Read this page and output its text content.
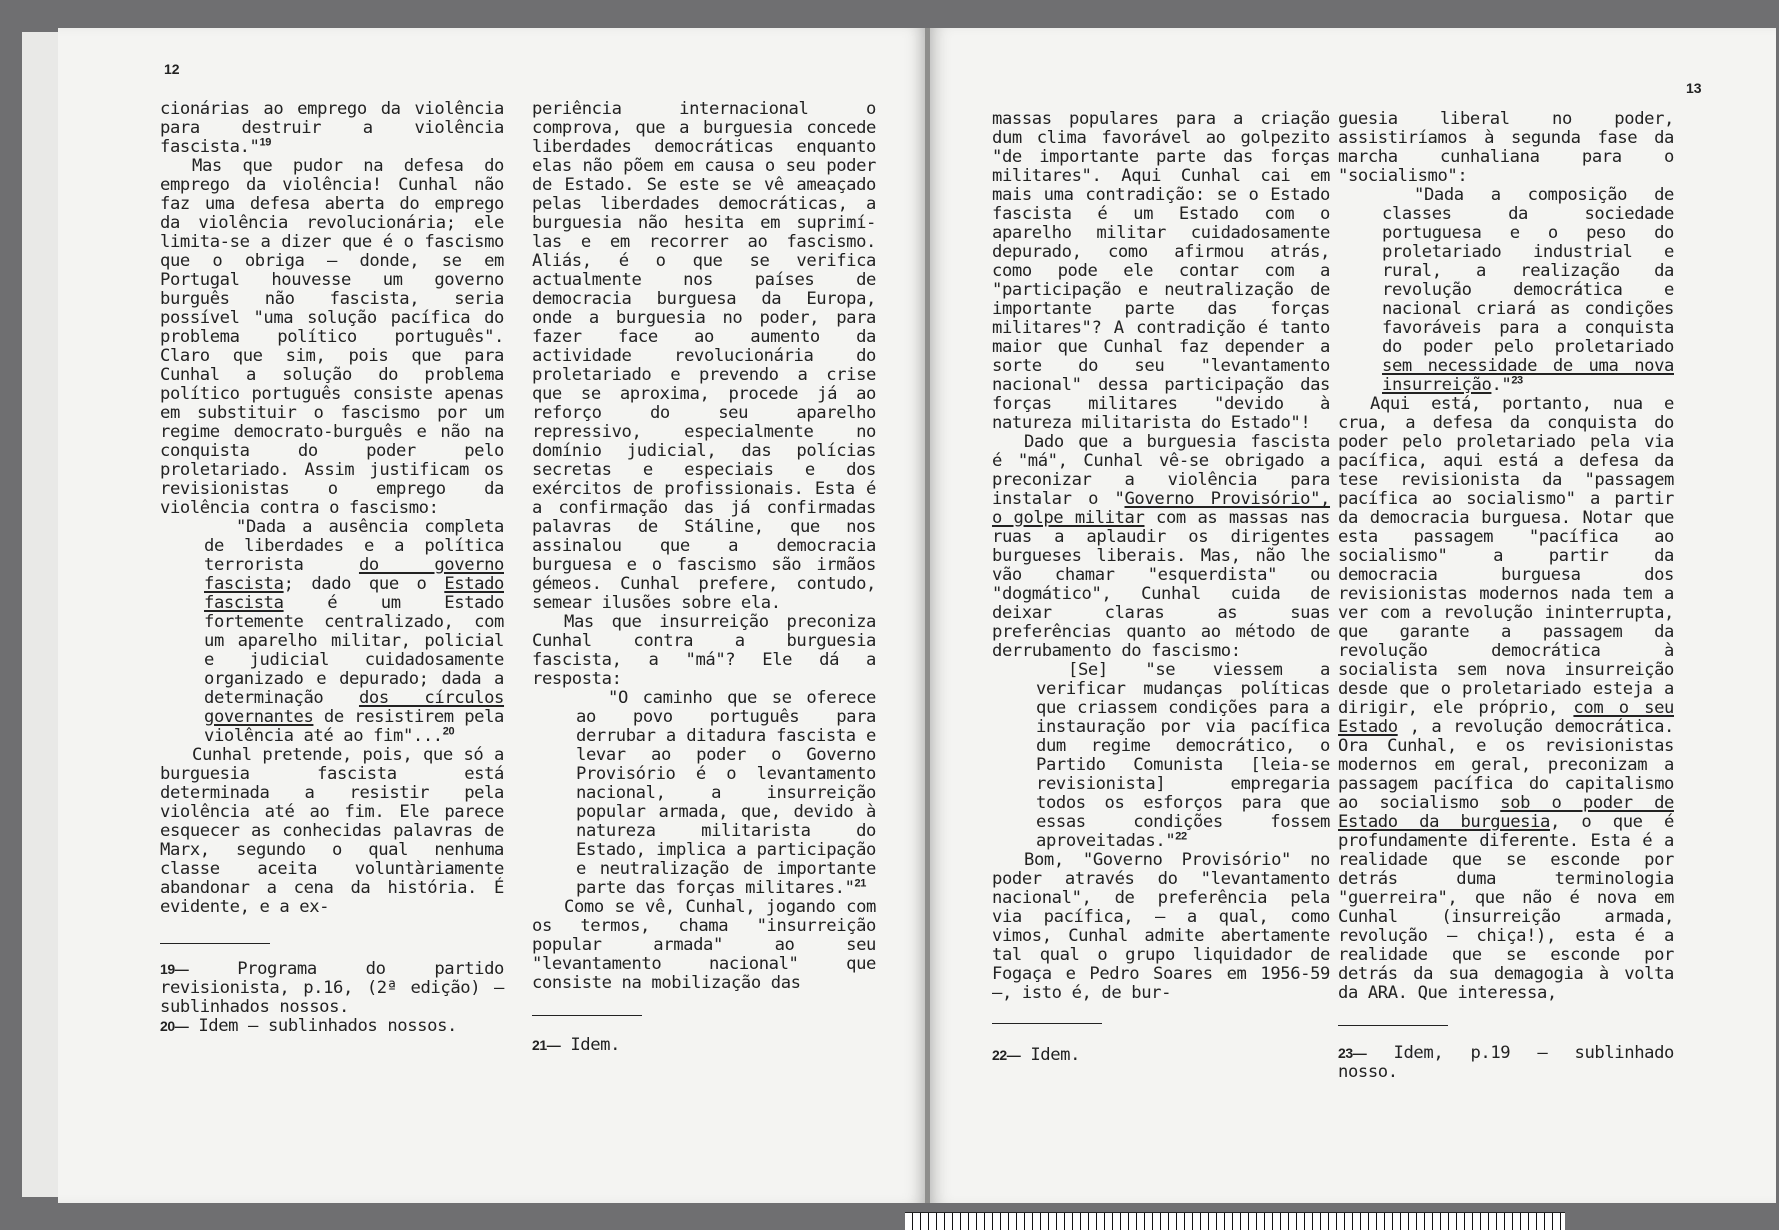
12

cionárias ao emprego da violência para destruir a violência fascista."$^{19}$

Mas que pudor na defesa do emprego da violência! Cunhal não faz uma defesa aberta do emprego da violência revolucionária; ele limita-se a dizer que é o fascismo que o obriga — donde, se em Portugal houvesse um governo burguês não fascista, seria possível "uma solução pacífica do problema político português". Claro que sim, pois que para Cunhal a solução do problema político português consiste apenas em substituir o fascismo por um regime democrato-burguês e não na conquista do poder pelo proletariado. Assim justificam os revisionistas o emprego da violência contra o fascismo:

"Dada a ausência completa de liberdades e a política terrorista do governo fascista; dado que o Estado fascista é um Estado fortemente centralizado, com um aparelho militar, policial e judicial cuidadosamente organizado e depurado; dada a determinação dos círculos governantes de resistirem pela violência até ao fim"...$^{20}$

Cunhal pretende, pois, que só a burguesia fascista está determinada a resistir pela violência até ao fim. Ele parece esquecer as conhecidas palavras de Marx, segundo o qual nenhuma classe aceita voluntàriamente abandonar a cena da história. É evidente, e a ex-

19— Programa do partido revisionista, p.16, (2ª edição) — sublinhados nossos.

20— Idem — sublinhados nossos.

periência internacional o comprova, que a burguesia concede liberdades democráticas enquanto elas não põem em causa o seu poder de Estado. Se este se vê ameaçado pelas liberdades democráticas, a burguesia não hesita em suprimí-las e em recorrer ao fascismo. Aliás, é o que se verifica actualmente nos países de democracia burguesa da Europa, onde a burguesia no poder, para fazer face ao aumento da actividade revolucionária do proletariado e prevendo a crise que se aproxima, procede já ao reforço do seu aparelho repressivo, especialmente no domínio judicial, das polícias secretas e especiais e dos exércitos de profissionais. Esta é a confirmação das já confirmadas palavras de Stáline, que nos assinalou que a democracia burguesa e o fascismo são irmãos gémeos. Cunhal prefere, contudo, semear ilusões sobre ela.

Mas que insurreição preconiza Cunhal contra a burguesia fascista, a "má"? Ele dá a resposta:

"O caminho que se oferece ao povo português para derrubar a ditadura fascista e levar ao poder o Governo Provisório é o levantamento nacional, a insurreição popular armada, que, devido à natureza militarista do Estado, implica a participação e neutralização de importante parte das forças militares."$^{21}$

Como se vê, Cunhal, jogando com os termos, chama "insurreição popular armada" ao seu "levantamento nacional" que consiste na mobilização das

21— Idem.

13

massas populares para a criação dum clima favorável ao golpezito "de importante parte das forças militares". Aqui Cunhal cai em mais uma contradição: se o Estado fascista é um Estado com o aparelho militar cuidadosamente depurado, como afirmou atrás, como pode ele contar com a "participação e neutralização de importante parte das forças militares"? A contradição é tanto maior que Cunhal faz depender a sorte do seu "levantamento nacional" dessa participação das forças militares "devido à natureza militarista do Estado"!

Dado que a burguesia fascista é "má", Cunhal vê-se obrigado a preconizar a violência para instalar o "Governo Provisório", o golpe militar com as massas nas ruas a aplaudir os dirigentes burgueses liberais. Mas, não lhe vão chamar "esquerdista" ou "dogmático", Cunhal cuida de deixar claras as suas preferências quanto ao método de derrubamento do fascismo:

[Se] "se viessem a verificar mudanças políticas que criassem condições para a instauração por via pacífica dum regime democrático, o Partido Comunista [leia-se revisionista] empregaria todos os esforços para que essas condições fossem aproveitadas."$^{22}$

Bom, "Governo Provisório" no poder através do "levantamento nacional", de preferência pela via pacífica, — a qual, como vimos, Cunhal admite abertamente tal qual o grupo liquidador de Fogaça e Pedro Soares em 1956-59 —, isto é, de bur-

22— Idem.

guesia liberal no poder, assistiríamos à segunda fase da marcha cunhaliana para o "socialismo":

"Dada a composição de classes da sociedade portuguesa e o peso do proletariado industrial e rural, a realização da revolução democrática e nacional criará as condições favoráveis para a conquista do poder pelo proletariado sem necessidade de uma nova insurreição."$^{23}$

Aqui está, portanto, nua e crua, a defesa da conquista do poder pelo proletariado pela via pacífica, aqui está a defesa da tese revisionista da "passagem pacífica ao socialismo" a partir da democracia burguesa. Notar que esta passagem "pacífica ao socialismo" a partir da democracia burguesa dos revisionistas modernos nada tem a ver com a revolução ininterrupta, que garante a passagem da revolução democrática à socialista sem nova insurreição desde que o proletariado esteja a dirigir, ele próprio, com o seu Estado , a revolução democrática. Ora Cunhal, e os revisionistas modernos em geral, preconizam a passagem pacífica do capitalismo ao socialismo sob o poder de Estado da burguesia, o que é profundamente diferente. Esta é a realidade que se esconde por detrás duma terminologia "guerreira", que não é nova em Cunhal (insurreição armada, revolução — chiça!), esta é a realidade que se esconde por detrás da sua demagogia à volta da ARA. Que interessa,

23— Idem, p.19 — sublinhado nosso.
